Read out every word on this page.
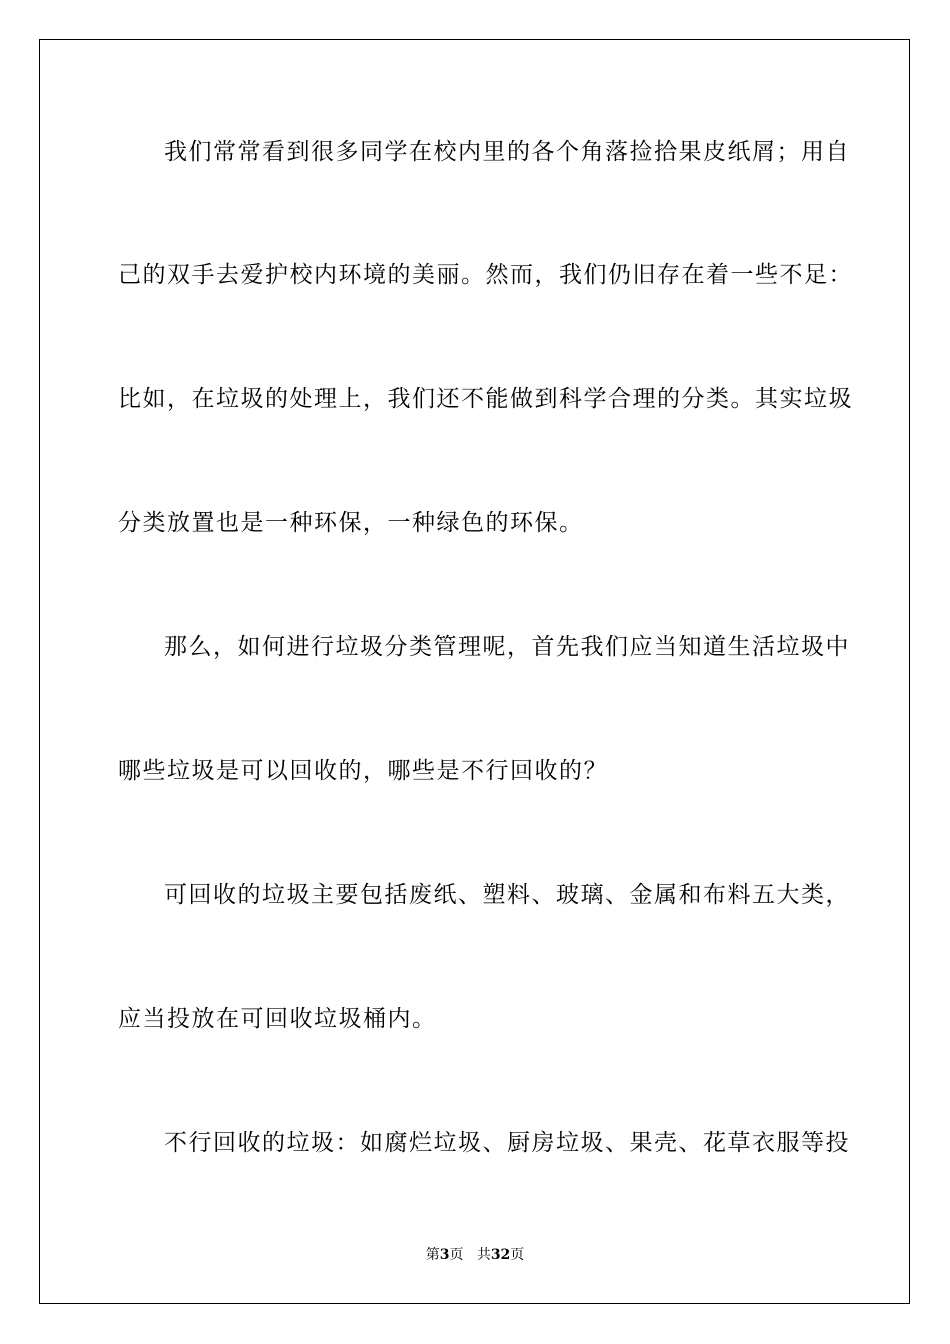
我们常常看到很多同学在校内里的各个角落捡拾果皮纸屑；用自
己的双手去爱护校内环境的美丽。然而，我们仍旧存在着一些不足：
比如，在垃圾的处理上，我们还不能做到科学合理的分类。其实垃圾
分类放置也是一种环保，一种绿色的环保。
那么，如何进行垃圾分类管理呢，首先我们应当知道生活垃圾中
哪些垃圾是可以回收的，哪些是不行回收的？
可回收的垃圾主要包括废纸、塑料、玻璃、金属和布料五大类，
应当投放在可回收垃圾桶内。
不行回收的垃圾：如腐烂垃圾、厨房垃圾、果壳、花草衣服等投
第3页 共32页
